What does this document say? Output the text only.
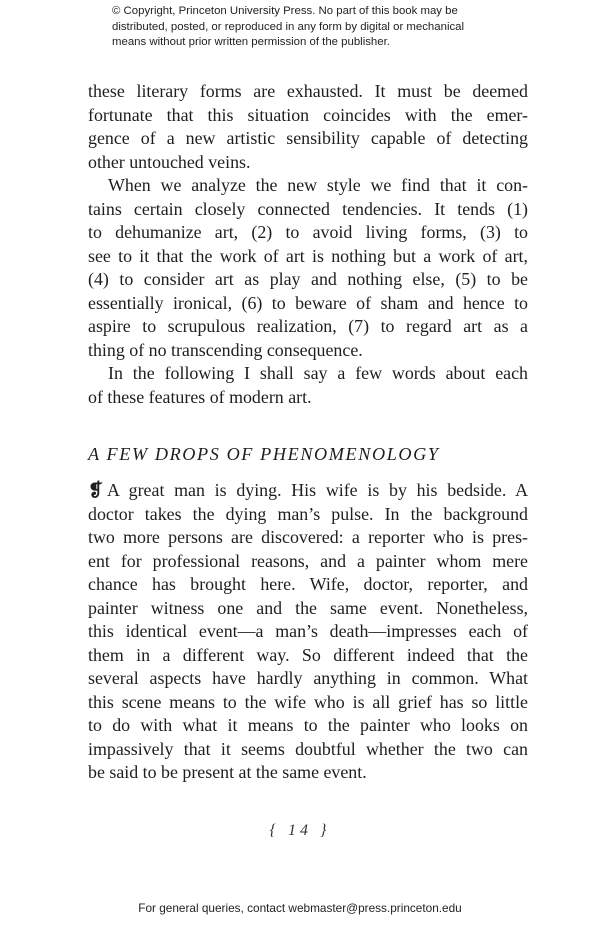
© Copyright, Princeton University Press. No part of this book may be
distributed, posted, or reproduced in any form by digital or mechanical
means without prior written permission of the publisher.
these literary forms are exhausted. It must be deemed
fortunate that this situation coincides with the emer-
gence of a new artistic sensibility capable of detecting
other untouched veins.
When we analyze the new style we find that it con-
tains certain closely connected tendencies. It tends (1)
to dehumanize art, (2) to avoid living forms, (3) to
see to it that the work of art is nothing but a work of art,
(4) to consider art as play and nothing else, (5) to be
essentially ironical, (6) to beware of sham and hence to
aspire to scrupulous realization, (7) to regard art as a
thing of no transcending consequence.
In the following I shall say a few words about each
of these features of modern art.
A FEW DROPS OF PHENOMENOLOGY
❡ A great man is dying. His wife is by his bedside. A
doctor takes the dying man’s pulse. In the background
two more persons are discovered: a reporter who is pres-
ent for professional reasons, and a painter whom mere
chance has brought here. Wife, doctor, reporter, and
painter witness one and the same event. Nonetheless,
this identical event—a man’s death—impresses each of
them in a different way. So different indeed that the
several aspects have hardly anything in common. What
this scene means to the wife who is all grief has so little
to do with what it means to the painter who looks on
impassively that it seems doubtful whether the two can
be said to be present at the same event.
{ 14 }
For general queries, contact webmaster@press.princeton.edu
